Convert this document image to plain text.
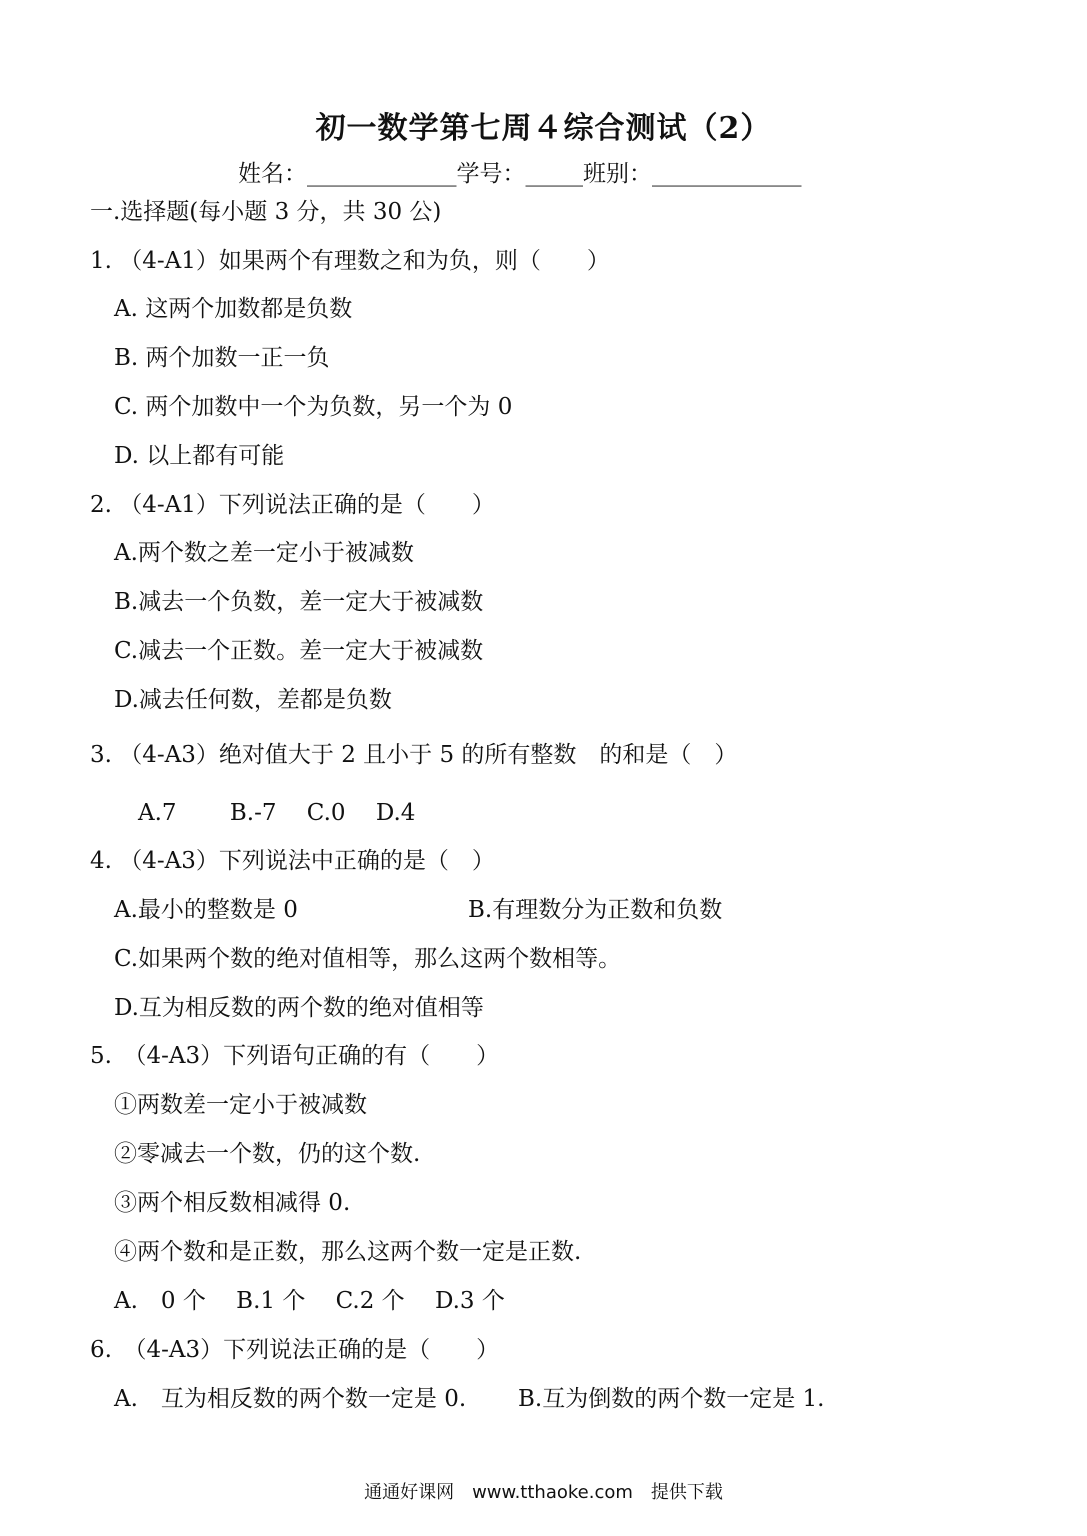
初一数学第七周４综合测试（2）
姓名：_____________学号：_____班别：_____________
一.选择题(每小题 3 分，共 30 公)
1. （4-A1）如果两个有理数之和为负，则（　　）
A. 这两个加数都是负数
B. 两个加数一正一负
C. 两个加数中一个为负数，另一个为 0
D. 以上都有可能
2. （4-A1）下列说法正确的是（　　）
A.两个数之差一定小于被减数
B.减去一个负数，差一定大于被减数
C.减去一个正数。差一定大于被减数
D.减去任何数，差都是负数
3. （4-A3）绝对值大于 2 且小于 5 的所有整数　的和是（　）
A.7　　 B.-7　 C.0　 D.4
4. （4-A3）下列说法中正确的是（　）
A.最小的整数是 0	B.有理数分为正数和负数
C.如果两个数的绝对值相等，那么这两个数相等。
D.互为相反数的两个数的绝对值相等
5.　（4-A3）下列语句正确的有（　　）
①两数差一定小于被减数
②零减去一个数，仍的这个数.
③两个相反数相减得 0.
④两个数和是正数，那么这两个数一定是正数.
A.　0 个　 B.1 个　 C.2 个　 D.3 个
6.　（4-A3）下列说法正确的是（　　）
A.　互为相反数的两个数一定是 0. B.互为倒数的两个数一定是 1.
通通好课网　www.tthaoke.com　提供下载
